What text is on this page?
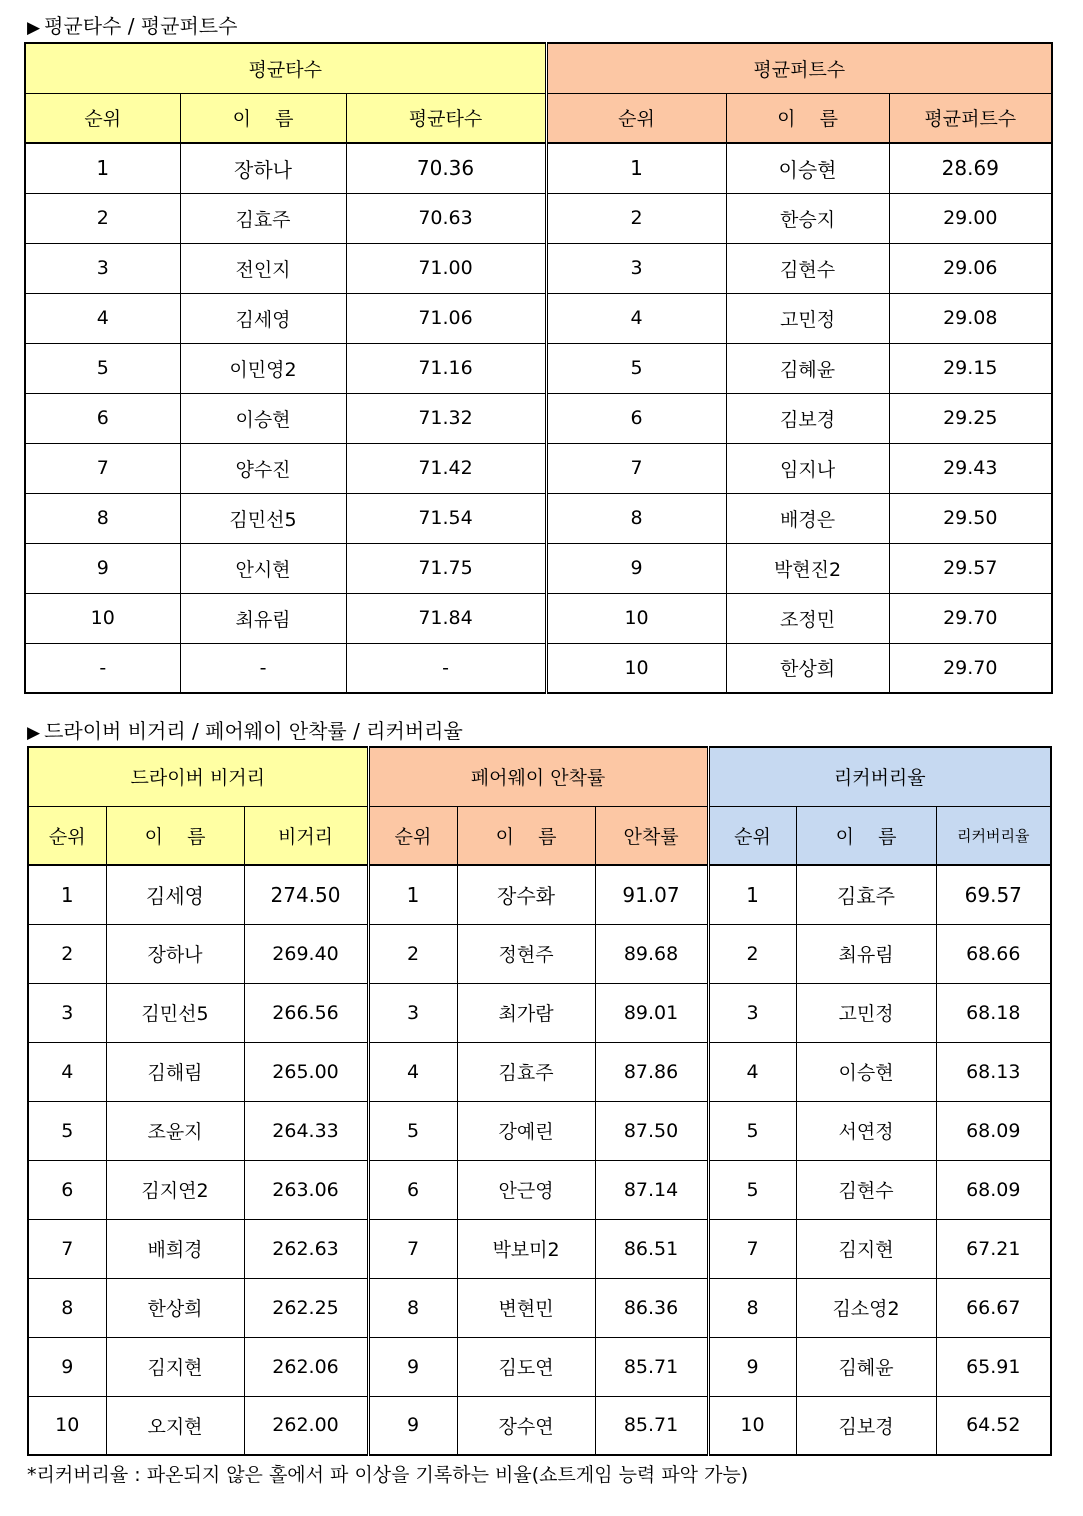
▶ 평균타수 / 평균퍼트수
평균타수			평균퍼트수		
순위	이    름	평균타수	순위	이    름	평균퍼트수
1	장하나	70.36	1	이승현	28.69
2	김효주	70.63	2	한승지	29.00
3	전인지	71.00	3	김현수	29.06
4	김세영	71.06	4	고민정	29.08
5	이민영2	71.16	5	김혜윤	29.15
6	이승현	71.32	6	김보경	29.25
7	양수진	71.42	7	임지나	29.43
8	김민선5	71.54	8	배경은	29.50
9	안시현	71.75	9	박현진2	29.57
10	최유림	71.84	10	조정민	29.70
-	-	-	10	한상희	29.70
▶ 드라이버 비거리 / 페어웨이 안착률 / 리커버리율
드라이버 비거리			페어웨이 안착률			리커버리율		
순위	이    름	비거리	순위	이    름	안착률	순위	이    름	리커버리율
1	김세영	274.50	1	장수화	91.07	1	김효주	69.57
2	장하나	269.40	2	정현주	89.68	2	최유림	68.66
3	김민선5	266.56	3	최가람	89.01	3	고민정	68.18
4	김해림	265.00	4	김효주	87.86	4	이승현	68.13
5	조윤지	264.33	5	강예린	87.50	5	서연정	68.09
6	김지연2	263.06	6	안근영	87.14	5	김현수	68.09
7	배희경	262.63	7	박보미2	86.51	7	김지현	67.21
8	한상희	262.25	8	변현민	86.36	8	김소영2	66.67
9	김지현	262.06	9	김도연	85.71	9	김혜윤	65.91
10	오지현	262.00	9	장수연	85.71	10	김보경	64.52
*리커버리율 : 파온되지 않은 홀에서 파 이상을 기록하는 비율(쇼트게임 능력 파악 가능)
